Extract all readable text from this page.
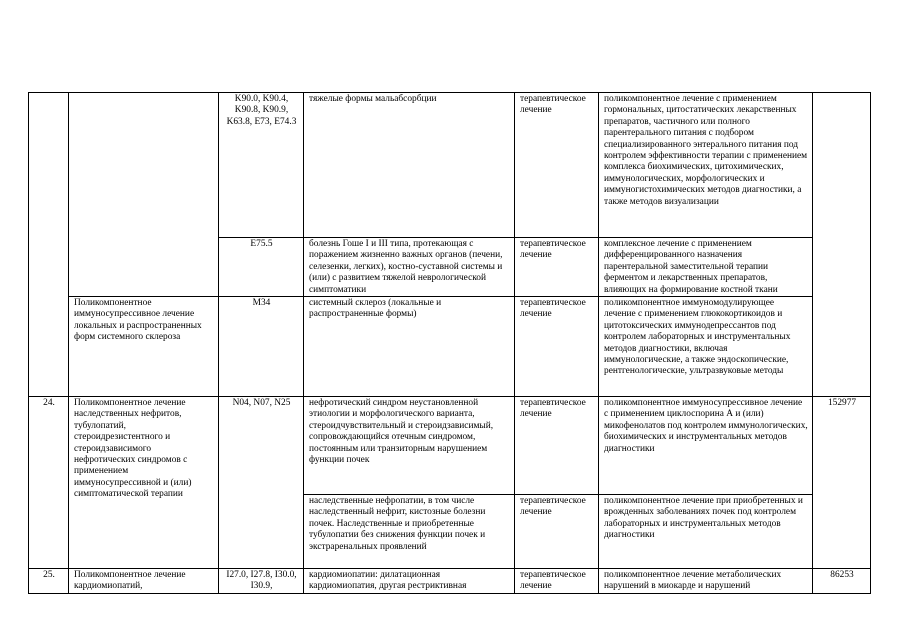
		K90.0, K90.4, K90.8, K90.9, K63.8, E73, E74.3	тяжелые формы мальабсорбции	терапевтическое лечение	поликомпонентное лечение с применением гормональных, цитостатических лекарственных препаратов, частичного или полного парентерального питания с подбором специализированного энтерального питания под контролем эффективности терапии с применением комплекса биохимических, цитохимических, иммунологических, морфологических и иммуногистохимических методов диагностики, а также методов визуализации	

		E75.5	болезнь Гоше I и III типа, протекающая с поражением жизненно важных органов (печени, селезенки, легких), костно-суставной системы и (или) с развитием тяжелой неврологической симптоматики	терапевтическое лечение	комплексное лечение с применением дифференцированного назначения парентеральной заместительной терапии ферментом и лекарственных препаратов, влияющих на формирование костной ткани	

	Поликомпонентное иммуносупрессивное лечение локальных и распространенных форм системного склероза	M34	системный склероз (локальные и распространенные формы)	терапевтическое лечение	поликомпонентное иммуномодулирующее лечение с применением глюкокортикоидов и цитотоксических иммунодепрессантов под контролем лабораторных и инструментальных методов диагностики, включая иммунологические, а также эндоскопические, рентгенологические, ультразвуковые методы	

24.	Поликомпонентное лечение наследственных нефритов, тубулопатий, стероидрезистентного и стероидзависимого нефротических синдромов с применением иммуносупрессивной и (или) симптоматической терапии	N04, N07, N25	нефротический синдром неустановленной этиологии и морфологического варианта, стероидчувствительный и стероидзависимый, сопровождающийся отечным синдромом, постоянным или транзиторным нарушением функции почек	терапевтическое лечение	поликомпонентное иммуносупрессивное лечение с применением циклоспорина А и (или) микофенолатов под контролем иммунологических, биохимических и инструментальных методов диагностики	152977

			наследственные нефропатии, в том числе наследственный нефрит, кистозные болезни почек. Наследственные и приобретенные тубулопатии без снижения функции почек и экстраренальных проявлений	терапевтическое лечение	поликомпонентное лечение при приобретенных и врожденных заболеваниях почек под контролем лабораторных и инструментальных методов диагностики	

25.	Поликомпонентное лечение кардиомиопатий,	I27.0, I27.8, I30.0, I30.9,	кардиомиопатии: дилатационная кардиомиопатия, другая рестриктивная	терапевтическое лечение	поликомпонентное лечение метаболических нарушений в миокарде и нарушений	86253
